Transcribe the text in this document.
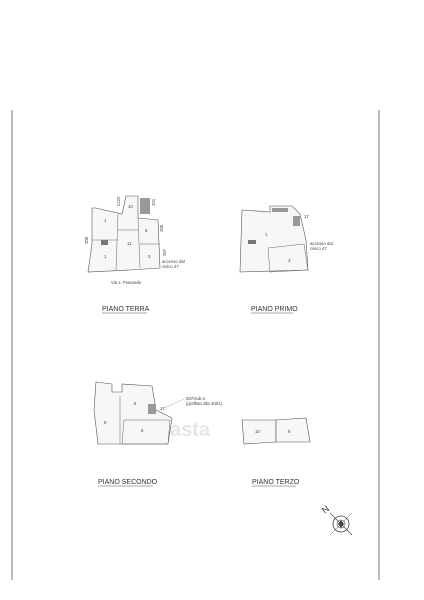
asta
1
1
11
6
3
10
2222	191
200
200
207
Via s. Prassede
accesso dal
civico 47
PIANO TERRA
1
17
3
accesso dal
civico 47
PIANO PRIMO
8
6
5
17
397/sub.3
(graffato alla 3/af1)
PIANO SECONDO
10	9
PIANO TERZO
N
